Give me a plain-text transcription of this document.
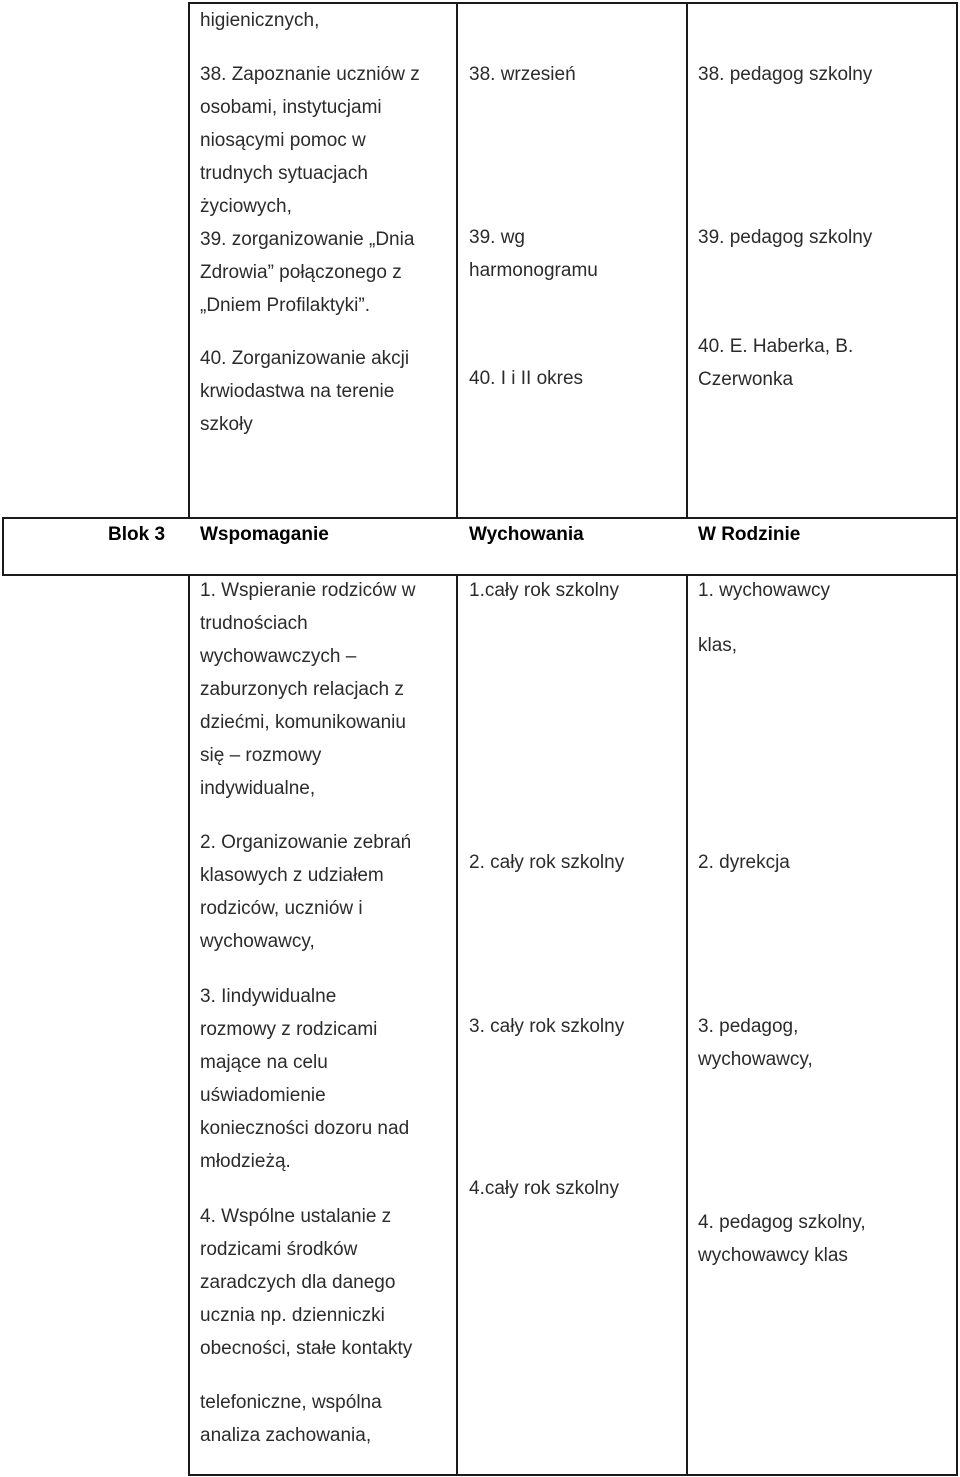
higienicznych,
38. Zapoznanie uczniów z
osobami, instytucjami
niosącymi pomoc w
trudnych sytuacjach
życiowych,
39. zorganizowanie „Dnia
Zdrowia” połączonego z
„Dniem Profilaktyki”.
40. Zorganizowanie akcji
krwiodastwa na terenie
szkoły
38. wrzesień
39. wg
harmonogramu
40. I i II okres
38. pedagog szkolny
39. pedagog szkolny
40. E. Haberka, B.
Czerwonka
Blok 3 Wspomaganie	Wychowania	W Rodzinie
1. Wspieranie rodziców w
trudnościach
wychowawczych –
zaburzonych relacjach z
dziećmi, komunikowaniu
się – rozmowy
indywidualne,
2. Organizowanie zebrań
klasowych z udziałem
rodziców, uczniów i
wychowawcy,
3. Iindywidualne
rozmowy z rodzicami
mające na celu
uświadomienie
konieczności dozoru nad
młodzieżą.
4. Wspólne ustalanie z
rodzicami środków
zaradczych dla danego
ucznia np. dzienniczki
obecności, stałe kontakty
telefoniczne, wspólna
analiza zachowania,
1.cały rok szkolny
2. cały rok szkolny
3. cały rok szkolny
4.cały rok szkolny
1. wychowawcy
klas,
2. dyrekcja
3. pedagog,
wychowawcy,
4. pedagog szkolny,
wychowawcy klas
